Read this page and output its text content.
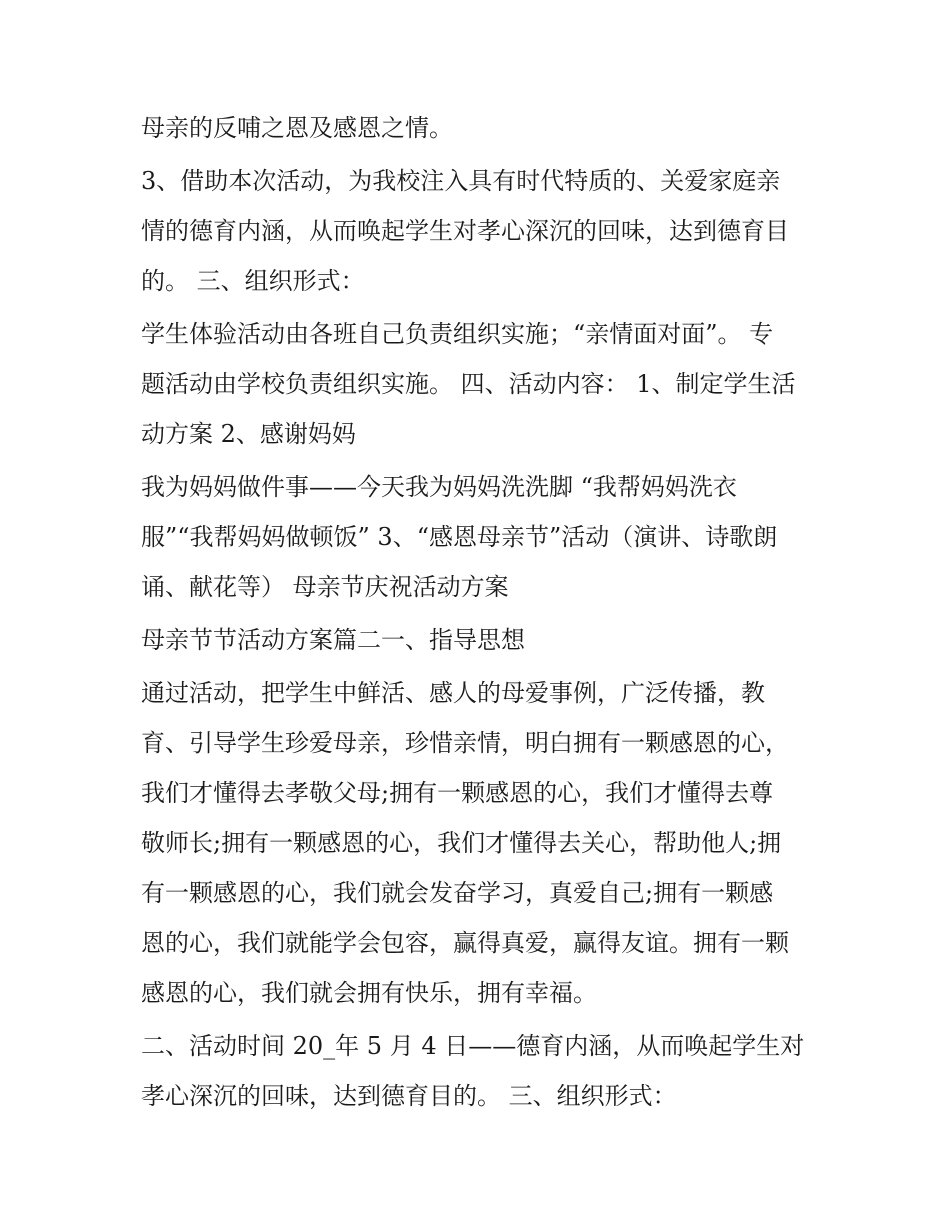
母亲的反哺之恩及感恩之情。
3、借助本次活动，为我校注入具有时代特质的、关爱家庭亲
情的德育内涵，从而唤起学生对孝心深沉的回味，达到德育目
的。 三、组织形式：
学生体验活动由各班自己负责组织实施；“亲情面对面”。 专
题活动由学校负责组织实施。 四、活动内容： 1、制定学生活
动方案 2、感谢妈妈
我为妈妈做件事——今天我为妈妈洗洗脚 “我帮妈妈洗衣
服”“我帮妈妈做顿饭” 3、“感恩母亲节”活动（演讲、诗歌朗
诵、献花等） 母亲节庆祝活动方案
母亲节节活动方案篇二一、指导思想
通过活动，把学生中鲜活、感人的母爱事例，广泛传播，教
育、引导学生珍爱母亲，珍惜亲情，明白拥有一颗感恩的心，
我们才懂得去孝敬父母;拥有一颗感恩的心，我们才懂得去尊
敬师长;拥有一颗感恩的心，我们才懂得去关心，帮助他人;拥
有一颗感恩的心，我们就会发奋学习，真爱自己;拥有一颗感
恩的心，我们就能学会包容，赢得真爱，赢得友谊。拥有一颗
感恩的心，我们就会拥有快乐，拥有幸福。
二、活动时间 20_年 5 月 4 日——德育内涵，从而唤起学生对
孝心深沉的回味，达到德育目的。 三、组织形式：
